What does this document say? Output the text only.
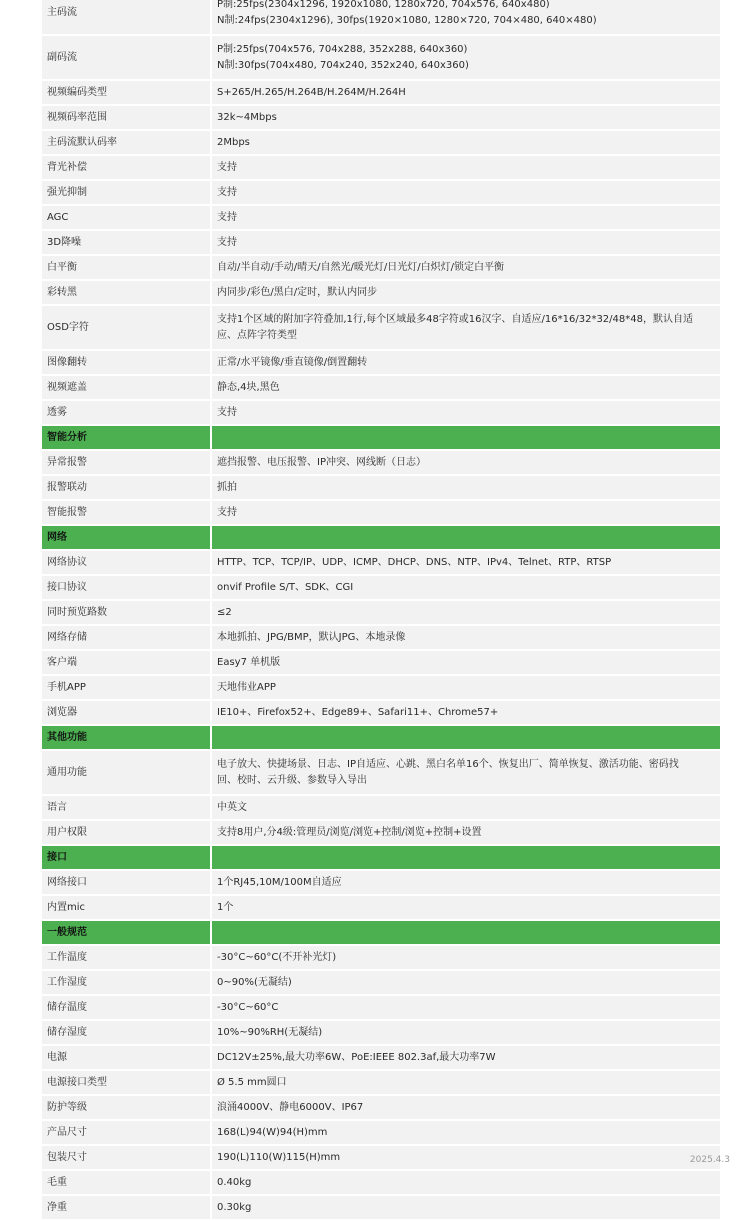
主码流	P制:25fps(2304x1296, 1920x1080, 1280x720, 704x576, 640x480)
N制:24fps(2304x1296), 30fps(1920×1080, 1280×720, 704×480, 640×480)

副码流	P制:25fps(704x576, 704x288, 352x288, 640x360)
N制:30fps(704x480, 704x240, 352x240, 640x360)

视频编码类型	S+265/H.265/H.264B/H.264M/H.264H

视频码率范围	32k~4Mbps

主码流默认码率	2Mbps

背光补偿	支持

强光抑制	支持

AGC	支持

3D降噪	支持

白平衡	自动/半自动/手动/晴天/自然光/暖光灯/日光灯/白炽灯/锁定白平衡

彩转黑	内同步/彩色/黑白/定时，默认内同步

OSD字符	支持1个区域的附加字符叠加,1行,每个区域最多48字符或16汉字、自适应/16*16/32*32/48*48，默认自适
应、点阵字符类型

图像翻转	正常/水平镜像/垂直镜像/倒置翻转

视频遮盖	静态,4块,黑色

透雾	支持

智能分析	
异常报警	遮挡报警、电压报警、IP冲突、网线断（日志）

报警联动	抓拍

智能报警	支持

网络	
网络协议	HTTP、TCP、TCP/IP、UDP、ICMP、DHCP、DNS、NTP、IPv4、Telnet、RTP、RTSP

接口协议	onvif Profile S/T、SDK、CGI

同时预览路数	≤2

网络存储	本地抓拍、JPG/BMP，默认JPG、本地录像

客户端	Easy7 单机版

手机APP	天地伟业APP

浏览器	IE10+、Firefox52+、Edge89+、Safari11+、Chrome57+

其他功能	
通用功能	电子放大、快捷场景、日志、IP自适应、心跳、黑白名单16个、恢复出厂、简单恢复、激活功能、密码找
回、校时、云升级、参数导入导出

语言	中英文

用户权限	支持8用户,分4级:管理员/浏览/浏览+控制/浏览+控制+设置

接口	
网络接口	1个RJ45,10M/100M自适应

内置mic	1个

一般规范	
工作温度	-30°C~60°C(不开补光灯)

工作湿度	0~90%(无凝结)

储存温度	-30°C~60°C

储存湿度	10%~90%RH(无凝结)

电源	DC12V±25%,最大功率6W、PoE:IEEE 802.3af,最大功率7W

电源接口类型	Ø 5.5 mm圆口

防护等级	浪涌4000V、静电6000V、IP67

产品尺寸	168(L)94(W)94(H)mm

包装尺寸	190(L)110(W)115(H)mm

毛重	0.40kg

净重	0.30kg
2025.4.3
